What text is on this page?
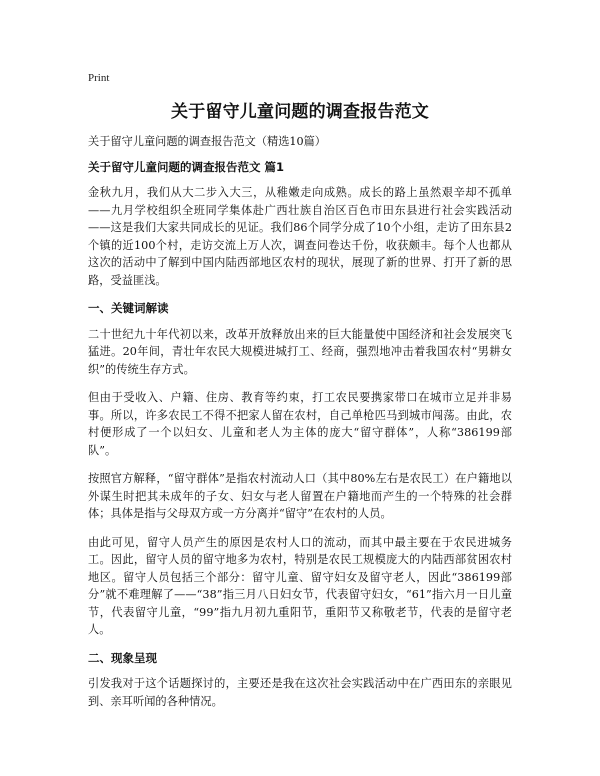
Print
关于留守儿童问题的调查报告范文

关于留守儿童问题的调查报告范文（精选10篇）

关于留守儿童问题的调查报告范文 篇1

金秋九月，我们从大二步入大三，从稚嫩走向成熟。成长的路上虽然艰辛却不孤单——九月学校组织全班同学集体赴广西壮族自治区百色市田东县进行社会实践活动——这是我们大家共同成长的见证。我们86个同学分成了10个小组，走访了田东县2个镇的近100个村，走访交流上万人次，调查问卷达千份，收获颇丰。每个人也都从这次的活动中了解到中国内陆西部地区农村的现状，展现了新的世界、打开了新的思路，受益匪浅。

一、关键词解读

二十世纪九十年代初以来，改革开放释放出来的巨大能量使中国经济和社会发展突飞猛进。20年间，青壮年农民大规模进城打工、经商，强烈地冲击着我国农村“男耕女织”的传统生存方式。

但由于受收入、户籍、住房、教育等约束，打工农民要携家带口在城市立足并非易事。所以，许多农民工不得不把家人留在农村，自己单枪匹马到城市闯荡。由此，农村便形成了一个以妇女、儿童和老人为主体的庞大“留守群体”，人称“386199部队”。

按照官方解释，“留守群体”是指农村流动人口（其中80%左右是农民工）在户籍地以外谋生时把其未成年的子女、妇女与老人留置在户籍地而产生的一个特殊的社会群体；具体是指与父母双方或一方分离并“留守”在农村的人员。

由此可见，留守人员产生的原因是农村人口的流动，而其中最主要在于农民进城务工。因此，留守人员的留守地多为农村，特别是农民工规模庞大的内陆西部贫困农村地区。留守人员包括三个部分：留守儿童、留守妇女及留守老人，因此“386199部分”就不难理解了——“38”指三月八日妇女节，代表留守妇女，“61”指六月一日儿童节，代表留守儿童，“99”指九月初九重阳节，重阳节又称敬老节，代表的是留守老人。

二、现象呈现

引发我对于这个话题探讨的，主要还是我在这次社会实践活动中在广西田东的亲眼见到、亲耳听闻的各种情况。
